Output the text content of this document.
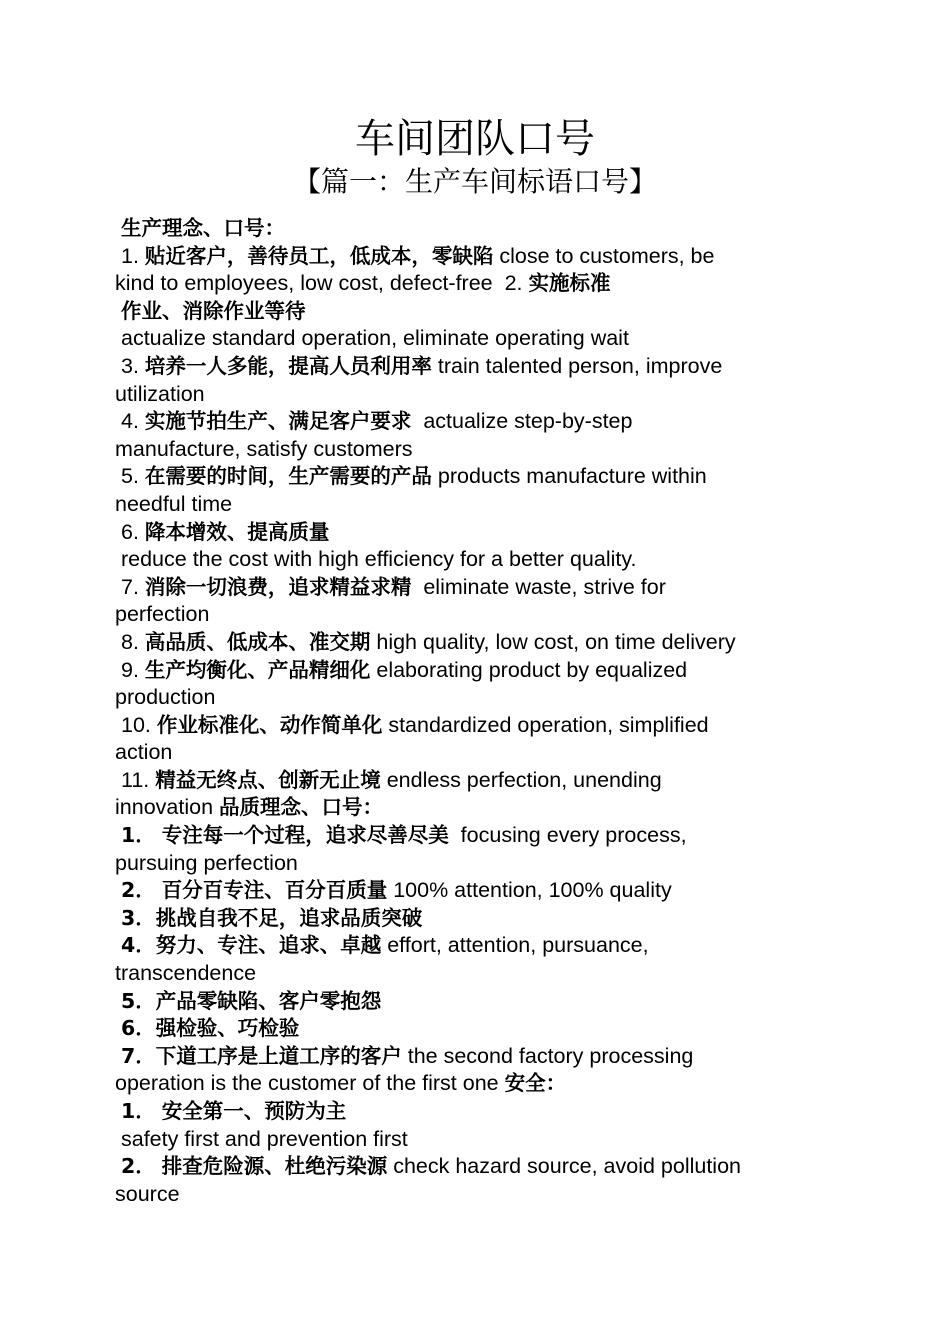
车间团队口号
【篇一：生产车间标语口号】
生产理念、口号：
1. 贴近客户，善待员工，低成本，零缺陷 close to customers, be
kind to employees, low cost, defect-free  2. 实施标准
作业、消除作业等待
actualize standard operation, eliminate operating wait
3. 培养一人多能，提高人员利用率 train talented person, improve
utilization
4. 实施节拍生产、满足客户要求  actualize step-by-step
manufacture, satisfy customers
5. 在需要的时间，生产需要的产品 products manufacture within
needful time
6. 降本增效、提高质量
reduce the cost with high efficiency for a better quality.
7. 消除一切浪费，追求精益求精  eliminate waste, strive for
perfection
8. 高品质、低成本、准交期 high quality, low cost, on time delivery
9. 生产均衡化、产品精细化 elaborating product by equalized
production
10. 作业标准化、动作简单化 standardized operation, simplified
action
11. 精益无终点、创新无止境 endless perfection, unending
innovation 品质理念、口号：
1． 专注每一个过程，追求尽善尽美  focusing every process,
pursuing perfection
2． 百分百专注、百分百质量 100% attention, 100% quality
3．挑战自我不足，追求品质突破
4．努力、专注、追求、卓越 effort, attention, pursuance,
transcendence
5．产品零缺陷、客户零抱怨
6．强检验、巧检验
7．下道工序是上道工序的客户 the second factory processing
operation is the customer of the first one 安全：
1． 安全第一、预防为主
safety first and prevention first
2． 排查危险源、杜绝污染源 check hazard source, avoid pollution
source
